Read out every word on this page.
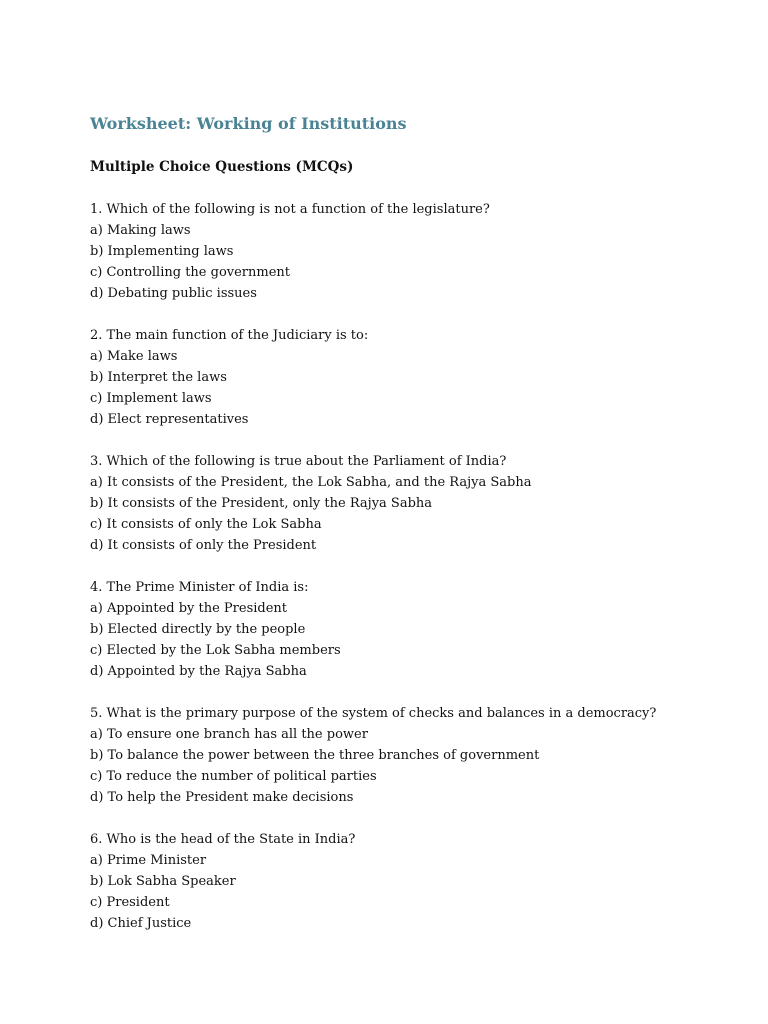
Worksheet: Working of Institutions
Multiple Choice Questions (MCQs)
1. Which of the following is not a function of the legislature?
a) Making laws
b) Implementing laws
c) Controlling the government
d) Debating public issues
2. The main function of the Judiciary is to:
a) Make laws
b) Interpret the laws
c) Implement laws
d) Elect representatives
3. Which of the following is true about the Parliament of India?
a) It consists of the President, the Lok Sabha, and the Rajya Sabha
b) It consists of the President, only the Rajya Sabha
c) It consists of only the Lok Sabha
d) It consists of only the President
4. The Prime Minister of India is:
a) Appointed by the President
b) Elected directly by the people
c) Elected by the Lok Sabha members
d) Appointed by the Rajya Sabha
5. What is the primary purpose of the system of checks and balances in a democracy?
a) To ensure one branch has all the power
b) To balance the power between the three branches of government
c) To reduce the number of political parties
d) To help the President make decisions
6. Who is the head of the State in India?
a) Prime Minister
b) Lok Sabha Speaker
c) President
d) Chief Justice
